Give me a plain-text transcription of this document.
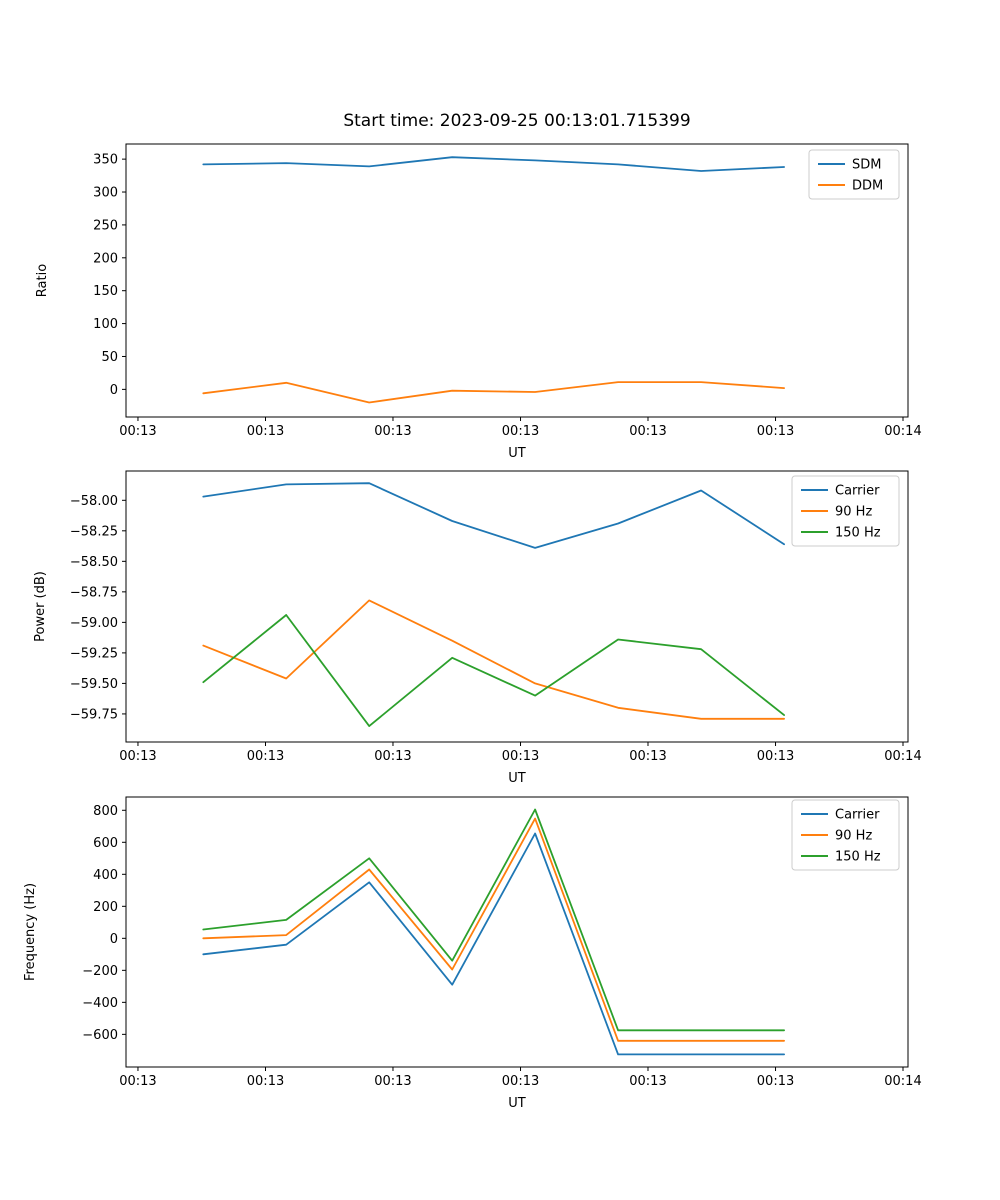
Start time: 2023-09-25 00:13:01.715399
350
300
250
200
150
100
50
0
00:13	00:13	00:13	00:13	00:13	00:13	00:14
UT
Ratio
SDM
DDM
−58.00
−58.25
−58.50
−58.75
−59.00
−59.25
−59.50
−59.75
00:13	00:13	00:13	00:13	00:13	00:13	00:14
UT
Power (dB)
Carrier
90 Hz
150 Hz
800
600
400
200
0
−200
−400
−600
00:13	00:13	00:13	00:13	00:13	00:13	00:14
UT
Frequency (Hz)
Carrier
90 Hz
150 Hz
